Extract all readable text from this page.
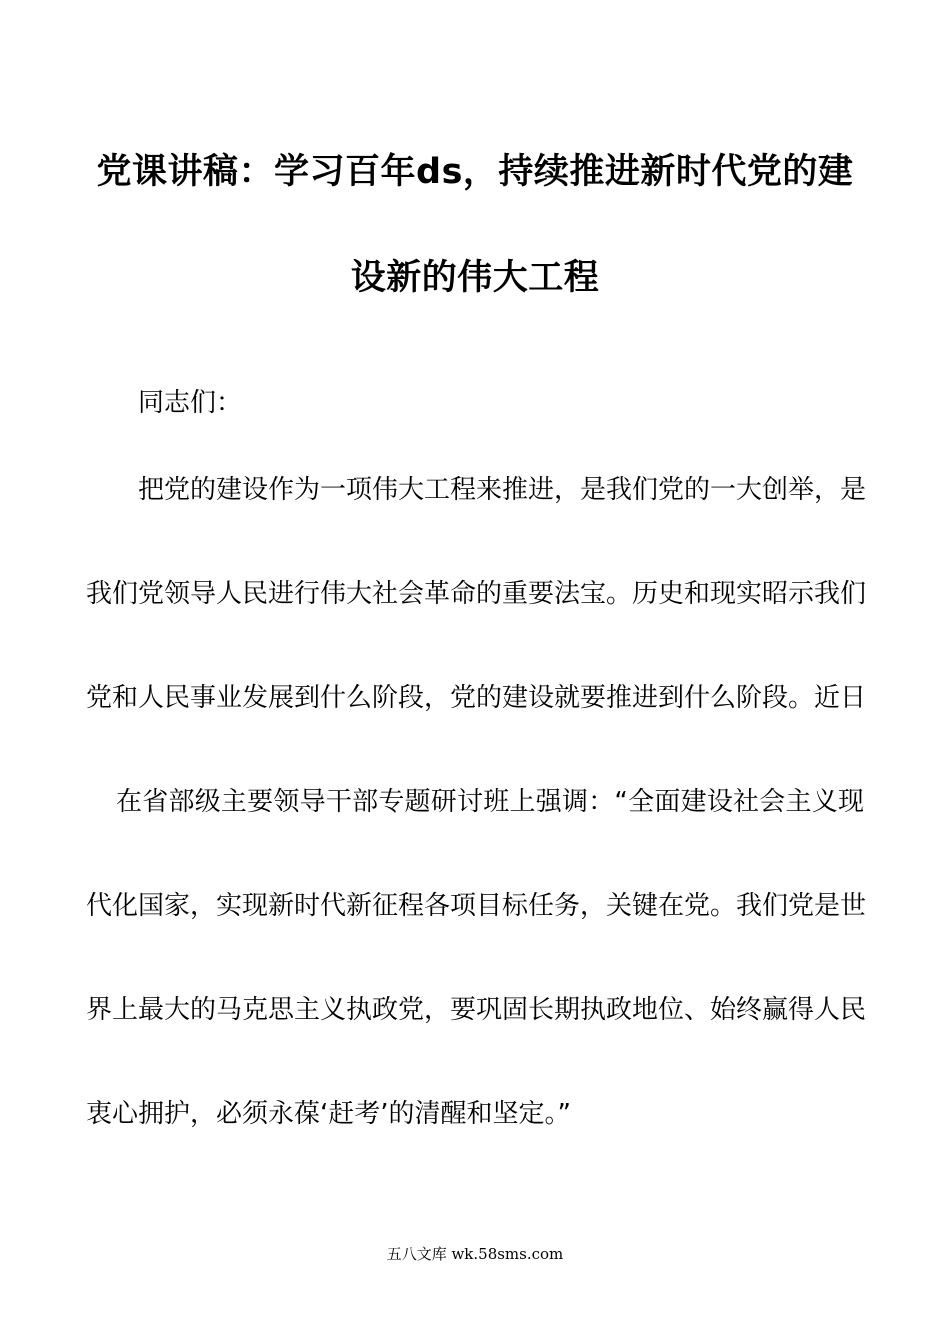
党课讲稿：学习百年ds，持续推进新时代党的建
设新的伟大工程
同志们：
把党的建设作为一项伟大工程来推进，是我们党的一大创举，是
我们党领导人民进行伟大社会革命的重要法宝。历史和现实昭示我们
党和人民事业发展到什么阶段，党的建设就要推进到什么阶段。近日
在省部级主要领导干部专题研讨班上强调：“全面建设社会主义现
代化国家，实现新时代新征程各项目标任务，关键在党。我们党是世
界上最大的马克思主义执政党，要巩固长期执政地位、始终赢得人民
衷心拥护，必须永葆‘赶考’的清醒和坚定。”
五八文库 wk.58sms.com
